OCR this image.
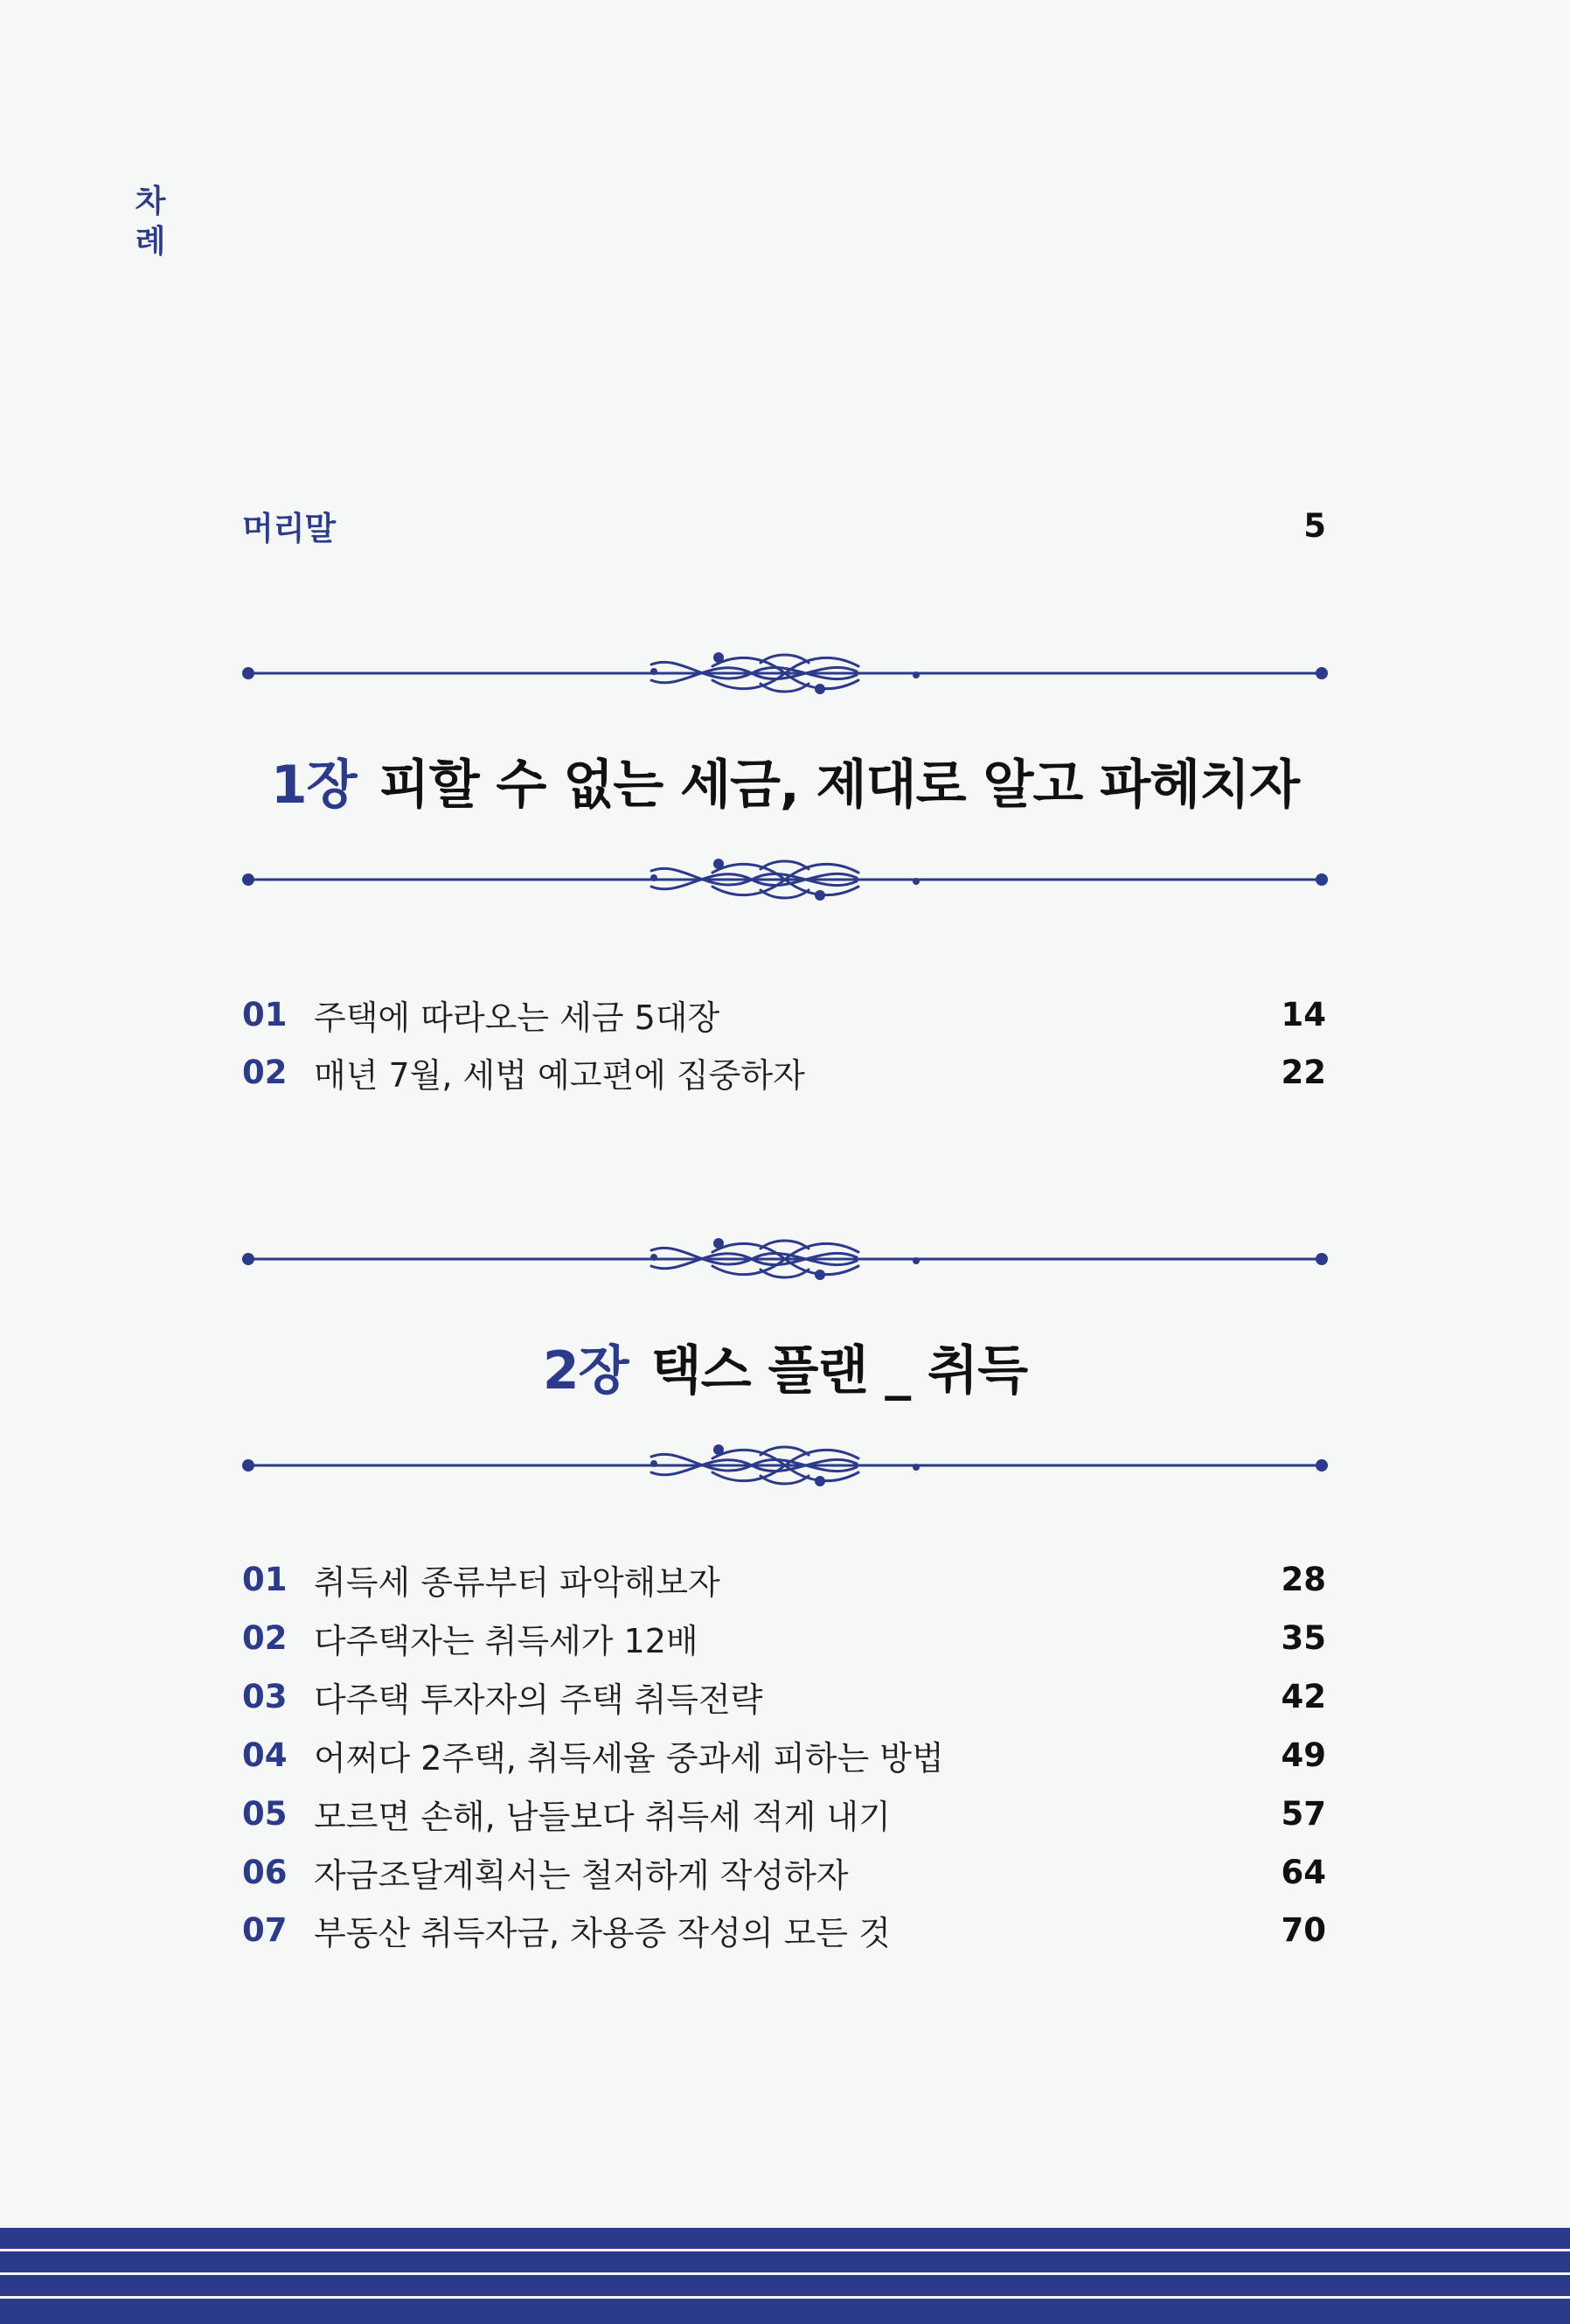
차
례
머리말	5
1장 피할 수 없는 세금, 제대로 알고 파헤치자
01 주택에 따라오는 세금 5대장	14
02 매년 7월, 세법 예고편에 집중하자	22
2장 택스 플랜 _ 취득
01 취득세 종류부터 파악해보자	28
02 다주택자는 취득세가 12배	35
03 다주택 투자자의 주택 취득전략	42
04 어쩌다 2주택, 취득세율 중과세 피하는 방법	49
05 모르면 손해, 남들보다 취득세 적게 내기	57
06 자금조달계획서는 철저하게 작성하자	64
07 부동산 취득자금, 차용증 작성의 모든 것	70
